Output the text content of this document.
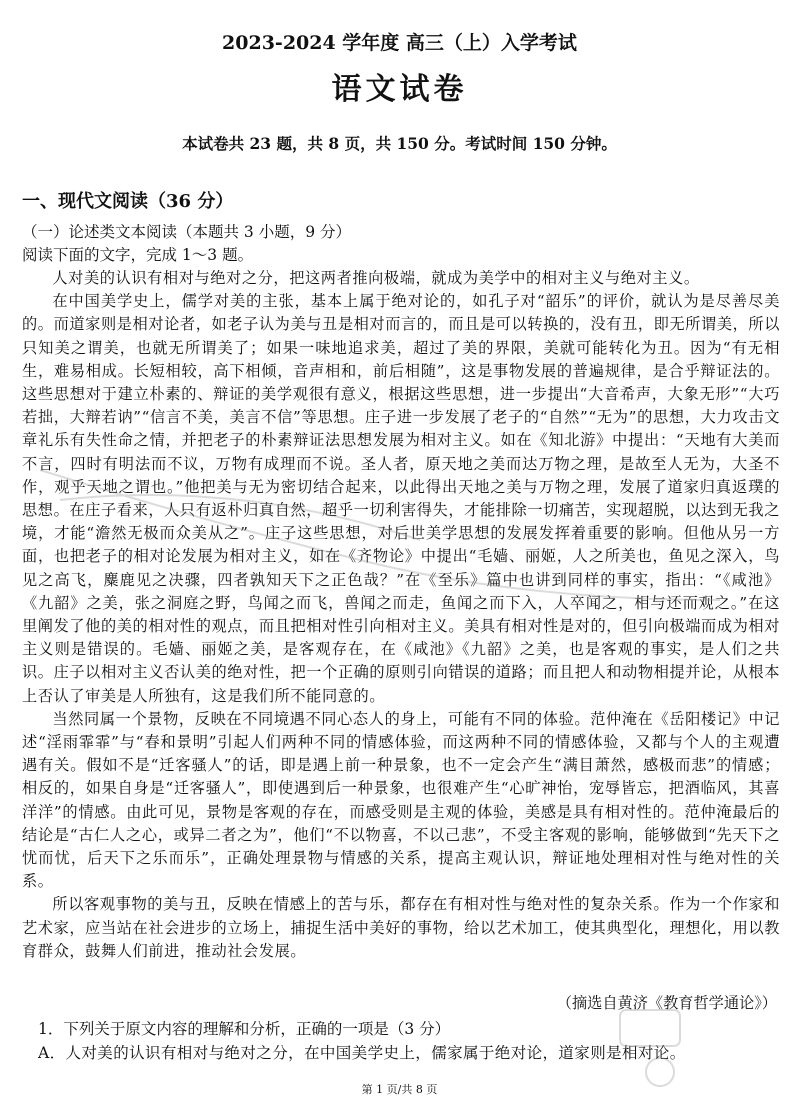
2023-2024 学年度 高三（上）入学考试
语文试卷
本试卷共 23 题，共 8 页，共 150 分。考试时间 150 分钟。
一、现代文阅读（36 分）
（一）论述类文本阅读（本题共 3 小题，9 分）
阅读下面的文字，完成 1～3 题。

人对美的认识有相对与绝对之分，把这两者推向极端，就成为美学中的相对主义与绝对主义。

在中国美学史上，儒学对美的主张，基本上属于绝对论的，如孔子对“韶乐”的评价，就认为是尽善尽美的。而道家则是相对论者，如老子认为美与丑是相对而言的，而且是可以转换的，没有丑，即无所谓美，所以只知美之谓美，也就无所谓美了；如果一味地追求美，超过了美的界限，美就可能转化为丑。因为“有无相生，难易相成。长短相较，高下相倾，音声相和，前后相随”，这是事物发展的普遍规律，是合乎辩证法的。这些思想对于建立朴素的、辩证的美学观很有意义，根据这些思想，进一步提出“大音希声，大象无形”“大巧若拙，大辩若讷”“信言不美，美言不信”等思想。庄子进一步发展了老子的“自然”“无为”的思想，大力攻击文章礼乐有失性命之情，并把老子的朴素辩证法思想发展为相对主义。如在《知北游》中提出：“天地有大美而不言，四时有明法而不议，万物有成理而不说。圣人者，原天地之美而达万物之理，是故至人无为，大圣不作，观乎天地之谓也。”他把美与无为密切结合起来，以此得出天地之美与万物之理，发展了道家归真返璞的思想。在庄子看来，人只有返朴归真自然，超乎一切利害得失，才能排除一切痛苦，实现超脱，以达到无我之境，才能“澹然无极而众美从之”。庄子这些思想，对后世美学思想的发展发挥着重要的影响。但他从另一方面，也把老子的相对论发展为相对主义，如在《齐物论》中提出“毛嫱、丽姬，人之所美也，鱼见之深入，鸟见之高飞，麋鹿见之决骤，四者孰知天下之正色哉？”在《至乐》篇中也讲到同样的事实，指出：“《咸池》《九韶》之美，张之洞庭之野，鸟闻之而飞，兽闻之而走，鱼闻之而下入，人卒闻之，相与还而观之。”在这里阐发了他的美的相对性的观点，而且把相对性引向相对主义。美具有相对性是对的，但引向极端而成为相对主义则是错误的。毛嫱、丽姬之美，是客观存在，在《咸池》《九韶》之美，也是客观的事实，是人们之共识。庄子以相对主义否认美的绝对性，把一个正确的原则引向错误的道路；而且把人和动物相提并论，从根本上否认了审美是人所独有，这是我们所不能同意的。

当然同属一个景物，反映在不同境遇不同心态人的身上，可能有不同的体验。范仲淹在《岳阳楼记》中记述“淫雨霏霏”与“春和景明”引起人们两种不同的情感体验，而这两种不同的情感体验，又都与个人的主观遭遇有关。假如不是“迁客骚人”的话，即是遇上前一种景象，也不一定会产生“满目萧然，感极而悲”的情感；相反的，如果自身是“迁客骚人”，即使遇到后一种景象，也很难产生“心旷神怡，宠辱皆忘，把酒临风，其喜洋洋”的情感。由此可见，景物是客观的存在，而感受则是主观的体验，美感是具有相对性的。范仲淹最后的结论是“古仁人之心，或异二者之为”，他们“不以物喜，不以己悲”，不受主客观的影响，能够做到“先天下之忧而忧，后天下之乐而乐”，正确处理景物与情感的关系，提高主观认识，辩证地处理相对性与绝对性的关系。

所以客观事物的美与丑，反映在情感上的苦与乐，都存在有相对性与绝对性的复杂关系。作为一个作家和艺术家，应当站在社会进步的立场上，捕捉生活中美好的事物，给以艺术加工，使其典型化，理想化，用以教育群众，鼓舞人们前进，推动社会发展。

（摘选自黄济《教育哲学通论》）
1．下列关于原文内容的理解和分析，正确的一项是（3 分）
A．人对美的认识有相对与绝对之分，在中国美学史上，儒家属于绝对论，道家则是相对论。
第 1 页/共 8 页
